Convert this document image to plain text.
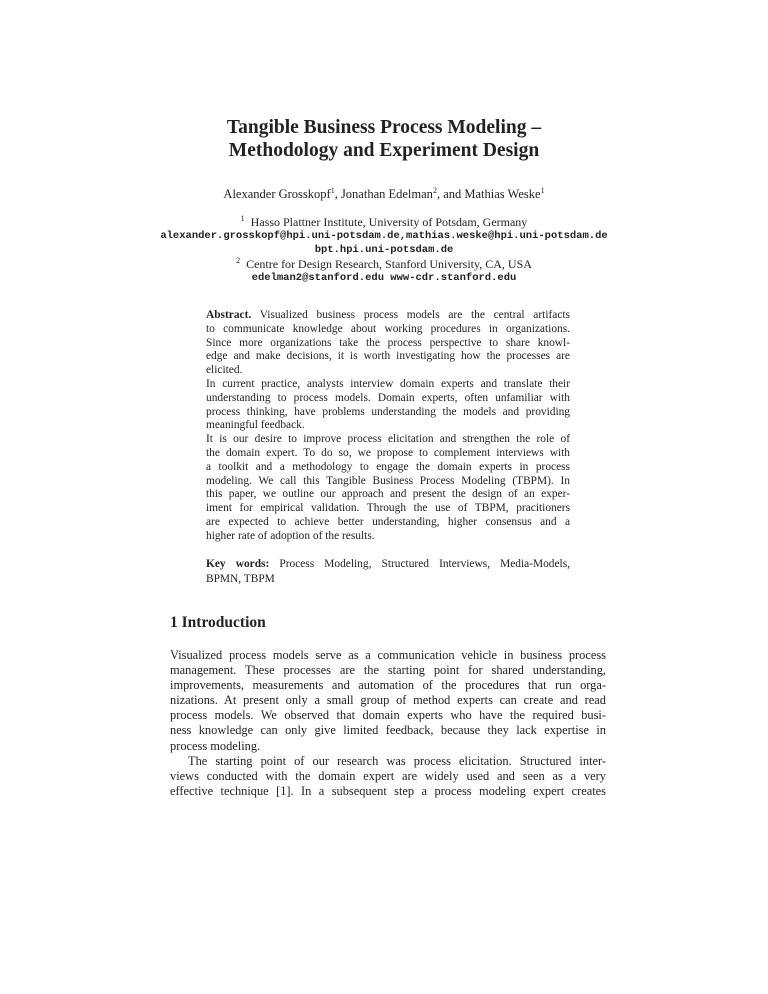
Tangible Business Process Modeling –
Methodology and Experiment Design
Alexander Grosskopf$^1$, Jonathan Edelman$^2$, and Mathias Weske$^1$
$^1$ Hasso Plattner Institute, University of Potsdam, Germany
alexander.grosskopf@hpi.uni-potsdam.de,mathias.weske@hpi.uni-potsdam.de
bpt.hpi.uni-potsdam.de
$^2$ Centre for Design Research, Stanford University, CA, USA
edelman2@stanford.edu www-cdr.stanford.edu
Abstract. Visualized business process models are the central artifacts
to communicate knowledge about working procedures in organizations.
Since more organizations take the process perspective to share knowl-
edge and make decisions, it is worth investigating how the processes are
elicited.
In current practice, analysts interview domain experts and translate their
understanding to process models. Domain experts, often unfamiliar with
process thinking, have problems understanding the models and providing
meaningful feedback.
It is our desire to improve process elicitation and strengthen the role of
the domain expert. To do so, we propose to complement interviews with
a toolkit and a methodology to engage the domain experts in process
modeling. We call this Tangible Business Process Modeling (TBPM). In
this paper, we outline our approach and present the design of an exper-
iment for empirical validation. Through the use of TBPM, pracitioners
are expected to achieve better understanding, higher consensus and a
higher rate of adoption of the results.
Key words: Process Modeling, Structured Interviews, Media-Models,
BPMN, TBPM
1 Introduction
Visualized process models serve as a communication vehicle in business process
management. These processes are the starting point for shared understanding,
improvements, measurements and automation of the procedures that run orga-
nizations. At present only a small group of method experts can create and read
process models. We observed that domain experts who have the required busi-
ness knowledge can only give limited feedback, because they lack expertise in
process modeling.
The starting point of our research was process elicitation. Structured inter-
views conducted with the domain expert are widely used and seen as a very
effective technique [1]. In a subsequent step a process modeling expert creates
